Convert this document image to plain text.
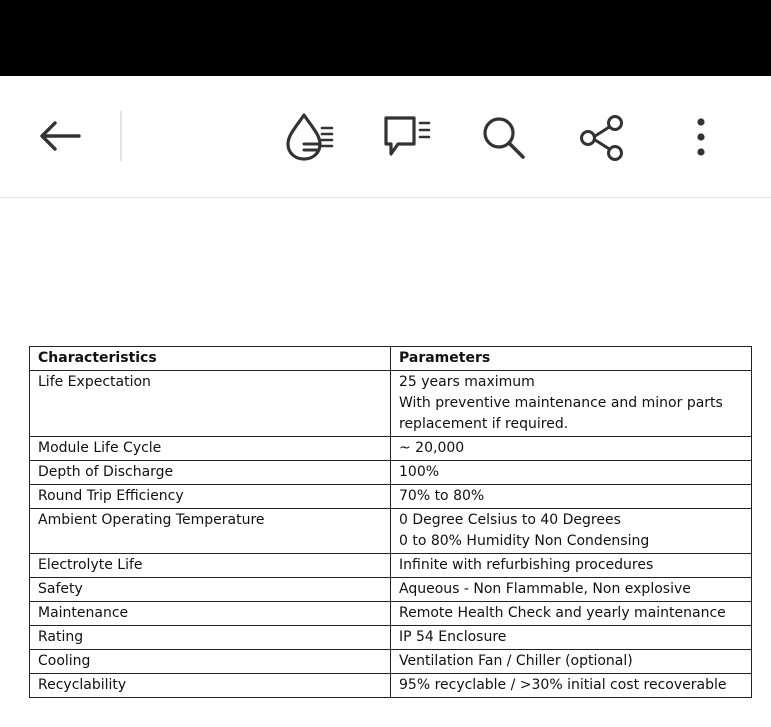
Characteristics	Parameters
Life Expectation	25 years maximum
With preventive maintenance and minor parts
replacement if required.

Module Life Cycle	~ 20,000

Depth of Discharge	100%

Round Trip Efficiency	70% to 80%

Ambient Operating Temperature	0 Degree Celsius to 40 Degrees
0 to 80% Humidity Non Condensing

Electrolyte Life	Infinite with refurbishing procedures

Safety	Aqueous - Non Flammable, Non explosive

Maintenance	Remote Health Check and yearly maintenance

Rating	IP 54 Enclosure

Cooling	Ventilation Fan / Chiller (optional)

Recyclability	95% recyclable / >30% initial cost recoverable
